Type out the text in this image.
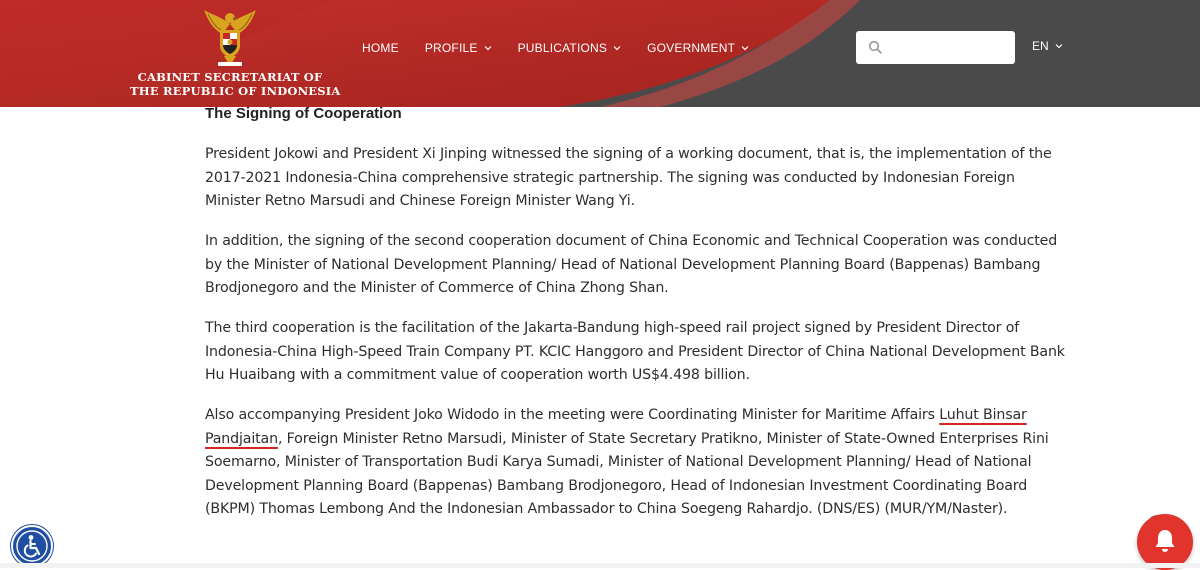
CABINET SECRETARIAT OF
THE REPUBLIC OF INDONESIA
HOME PROFILE	PUBLICATIONS	GOVERNMENT	EN
The Signing of Cooperation

President Jokowi and President Xi Jinping witnessed the signing of a working document, that is, the implementation of the 2017-2021 Indonesia-China comprehensive strategic partnership. The signing was conducted by Indonesian Foreign Minister Retno Marsudi and Chinese Foreign Minister Wang Yi.

In addition, the signing of the second cooperation document of China Economic and Technical Cooperation was conducted by the Minister of National Development Planning/ Head of National Development Planning Board (Bappenas) Bambang Brodjonegoro and the Minister of Commerce of China Zhong Shan.

The third cooperation is the facilitation of the Jakarta-Bandung high-speed rail project signed by President Director of Indonesia-China High-Speed Train Company PT. KCIC Hanggoro and President Director of China National Development Bank Hu Huaibang with a commitment value of cooperation worth US$4.498 billion.

Also accompanying President Joko Widodo in the meeting were Coordinating Minister for Maritime Affairs Luhut Binsar Pandjaitan, Foreign Minister Retno Marsudi, Minister of State Secretary Pratikno, Minister of State-Owned Enterprises Rini Soemarno, Minister of Transportation Budi Karya Sumadi, Minister of National Development Planning/ Head of National Development Planning Board (Bappenas) Bambang Brodjonegoro, Head of Indonesian Investment Coordinating Board (BKPM) Thomas Lembong And the Indonesian Ambassador to China Soegeng Rahardjo. (DNS/ES) (MUR/YM/Naster).
